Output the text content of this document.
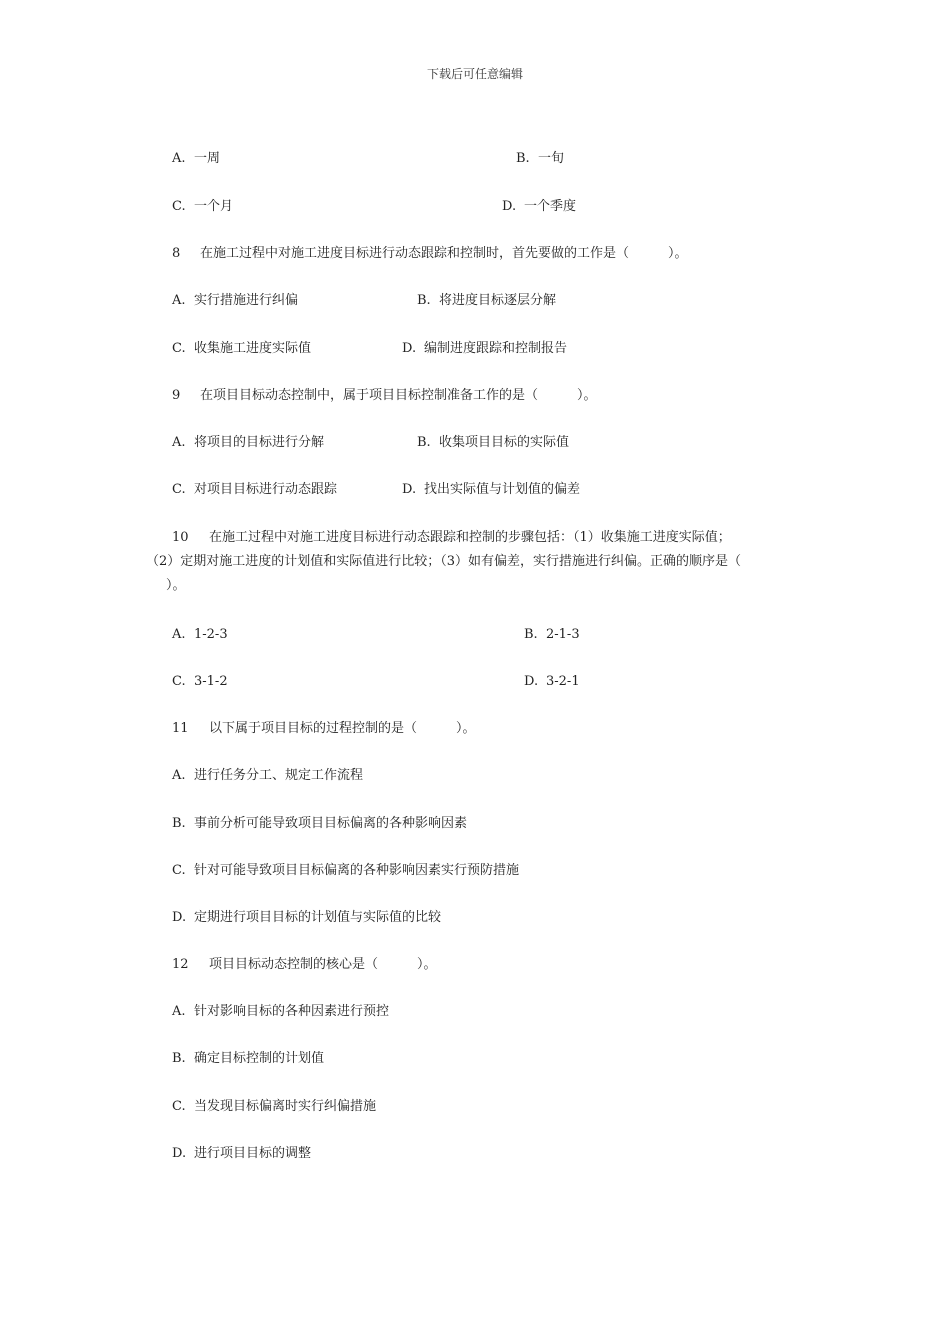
下载后可任意编辑
A. 一周	B. 一旬
C. 一个月	D. 一个季度
8 在施工过程中对施工进度目标进行动态跟踪和控制时，首先要做的工作是（　　　）。
A. 实行措施进行纠偏	B. 将进度目标逐层分解
C. 收集施工进度实际值	D. 编制进度跟踪和控制报告
9 在项目目标动态控制中，属于项目目标控制准备工作的是（　　　）。
A. 将项目的目标进行分解	B. 收集项目目标的实际值
C. 对项目目标进行动态跟踪	D. 找出实际值与计划值的偏差
10 在施工过程中对施工进度目标进行动态跟踪和控制的步骤包括：（1）收集施工进度实际值；
（2）定期对施工进度的计划值和实际值进行比较；（3）如有偏差，实行措施进行纠偏。正确的顺序是（
）。
A. 1-2-3	B. 2-1-3
C. 3-1-2	D. 3-2-1
11 以下属于项目目标的过程控制的是（　　　）。
A. 进行任务分工、规定工作流程
B. 事前分析可能导致项目目标偏离的各种影响因素
C. 针对可能导致项目目标偏离的各种影响因素实行预防措施
D. 定期进行项目目标的计划值与实际值的比较
12 项目目标动态控制的核心是（　　　）。
A. 针对影响目标的各种因素进行预控
B. 确定目标控制的计划值
C. 当发现目标偏离时实行纠偏措施
D. 进行项目目标的调整
